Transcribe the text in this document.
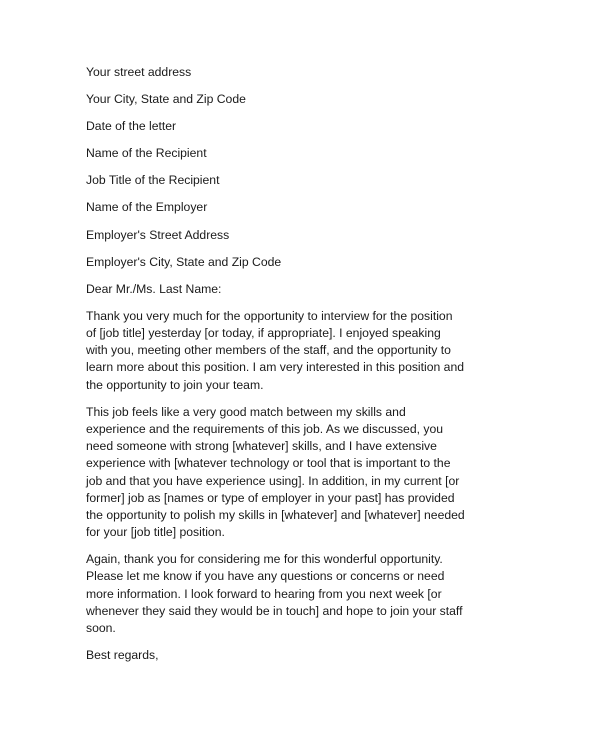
Your street address

Your City, State and Zip Code

Date of the letter

Name of the Recipient

Job Title of the Recipient

Name of the Employer

Employer's Street Address

Employer's City, State and Zip Code

Dear Mr./Ms. Last Name:

Thank you very much for the opportunity to interview for the position
of [job title] yesterday [or today, if appropriate]. I enjoyed speaking
with you, meeting other members of the staff, and the opportunity to
learn more about this position. I am very interested in this position and
the opportunity to join your team.
This job feels like a very good match between my skills and
experience and the requirements of this job. As we discussed, you
need someone with strong [whatever] skills, and I have extensive
experience with [whatever technology or tool that is important to the
job and that you have experience using]. In addition, in my current [or
former] job as [names or type of employer in your past] has provided
the opportunity to polish my skills in [whatever] and [whatever] needed
for your [job title] position.
Again, thank you for considering me for this wonderful opportunity.
Please let me know if you have any questions or concerns or need
more information. I look forward to hearing from you next week [or
whenever they said they would be in touch] and hope to join your staff
soon.

Best regards,
